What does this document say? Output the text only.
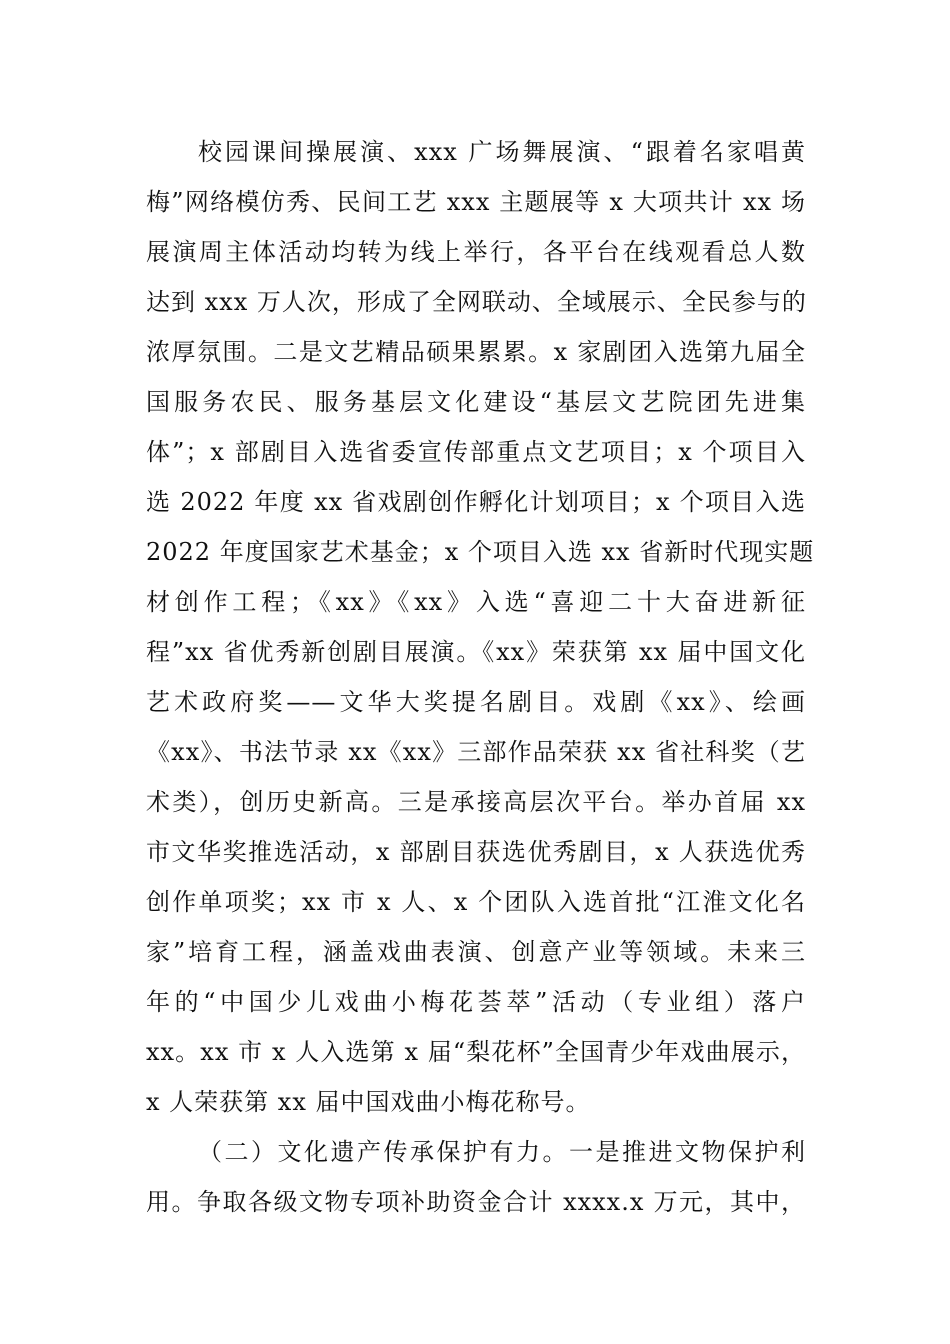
校园课间操展演、xxx 广场舞展演、“跟着名家唱黄
梅”网络模仿秀、民间工艺 xxx 主题展等 x 大项共计 xx 场
展演周主体活动均转为线上举行，各平台在线观看总人数
达到 xxx 万人次，形成了全网联动、全域展示、全民参与的
浓厚氛围。二是文艺精品硕果累累。x 家剧团入选第九届全
国服务农民、服务基层文化建设“基层文艺院团先进集
体”；x 部剧目入选省委宣传部重点文艺项目；x 个项目入
选 2022 年度 xx 省戏剧创作孵化计划项目；x 个项目入选
2022 年度国家艺术基金；x 个项目入选 xx 省新时代现实题
材创作工程；《xx》《xx》入选“喜迎二十大奋进新征
程”xx 省优秀新创剧目展演。《xx》荣获第 xx 届中国文化
艺术政府奖——文华大奖提名剧目。戏剧《xx》、绘画
《xx》、书法节录 xx《xx》三部作品荣获 xx 省社科奖（艺
术类），创历史新高。三是承接高层次平台。举办首届 xx
市文华奖推选活动，x 部剧目获选优秀剧目，x 人获选优秀
创作单项奖；xx 市 x 人、x 个团队入选首批“江淮文化名
家”培育工程，涵盖戏曲表演、创意产业等领域。未来三
年的“中国少儿戏曲小梅花荟萃”活动（专业组）落户
xx。xx 市 x 人入选第 x 届“梨花杯”全国青少年戏曲展示，
x 人荣获第 xx 届中国戏曲小梅花称号。
（二）文化遗产传承保护有力。一是推进文物保护利
用。争取各级文物专项补助资金合计 xxxx.x 万元，其中，
